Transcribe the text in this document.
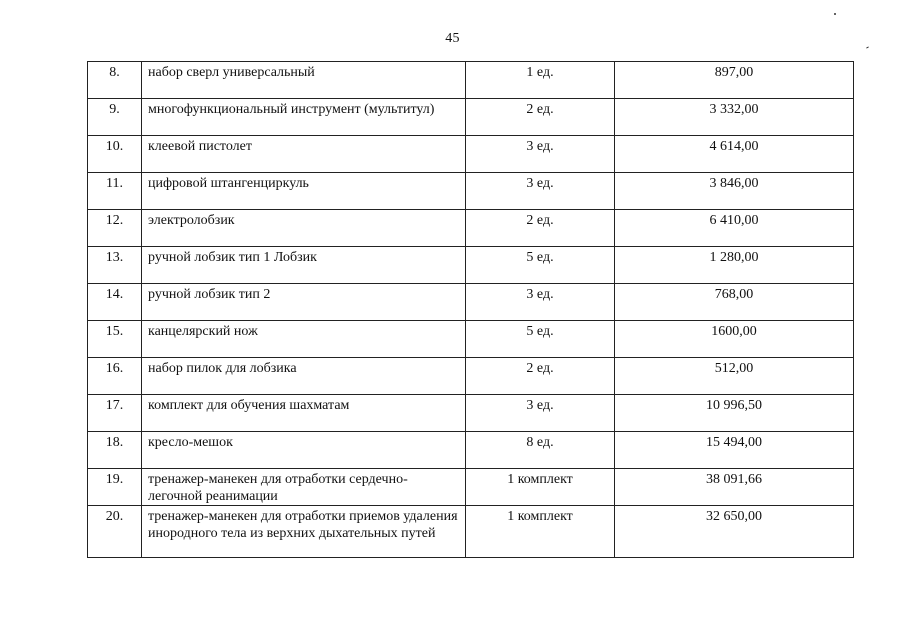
45
8.	набор сверл универсальный	1 ед.	897,00
9.	многофункциональный инструмент (мультитул)	2 ед.	3 332,00
10.	клеевой пистолет	3 ед.	4 614,00
11.	цифровой штангенциркуль	3 ед.	3 846,00
12.	электролобзик	2 ед.	6 410,00
13.	ручной лобзик тип 1 Лобзик	5 ед.	1 280,00
14.	ручной лобзик тип 2	3 ед.	768,00
15.	канцелярский нож	5 ед.	1600,00
16.	набор пилок для лобзика	2 ед.	512,00
17.	комплект для обучения шахматам	3 ед.	10 996,50
18.	кресло-мешок	8 ед.	15 494,00
19.	тренажер-манекен для отработки сердечно-легочной реанимации	1 комплект	38 091,66
20.	тренажер-манекен для отработки приемов удаления инородного тела из верхних дыхательных путей	1 комплект	32 650,00
